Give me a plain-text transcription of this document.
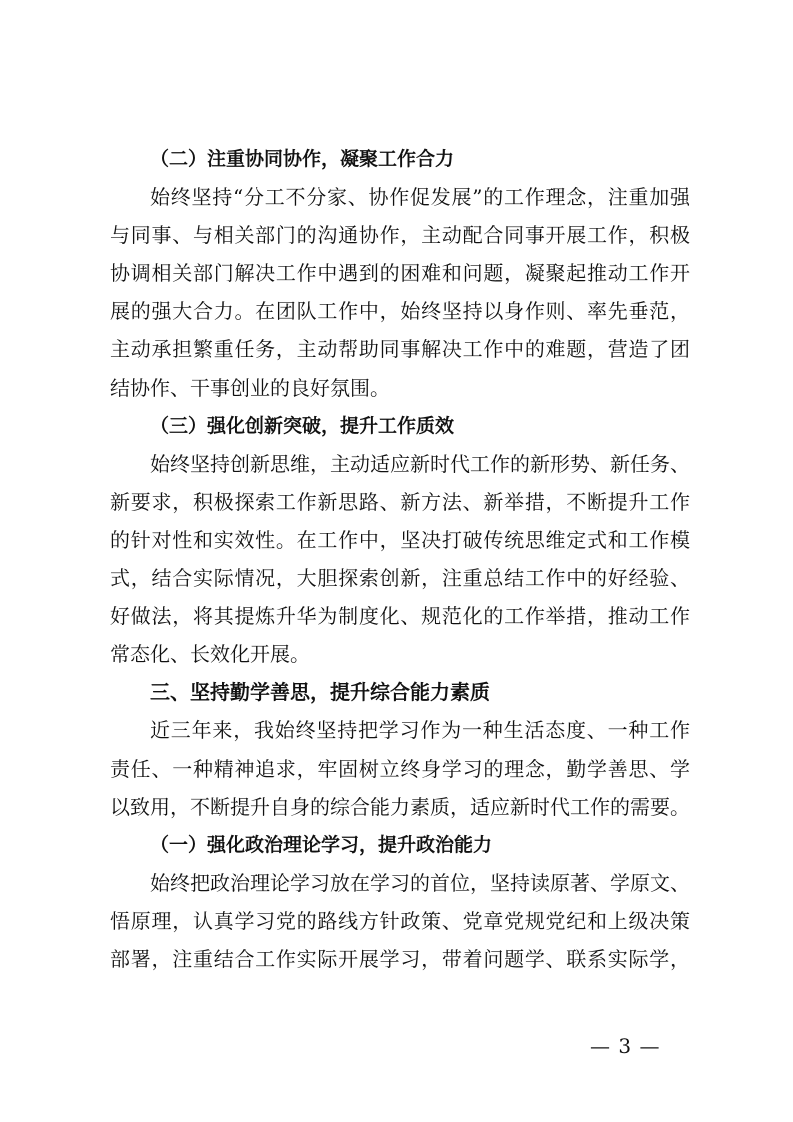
（二）注重协同协作，凝聚工作合力
始终坚持“分工不分家、协作促发展”的工作理念，注重加强
与同事、与相关部门的沟通协作，主动配合同事开展工作，积极
协调相关部门解决工作中遇到的困难和问题，凝聚起推动工作开
展的强大合力。在团队工作中，始终坚持以身作则、率先垂范，
主动承担繁重任务，主动帮助同事解决工作中的难题，营造了团
结协作、干事创业的良好氛围。
（三）强化创新突破，提升工作质效
始终坚持创新思维，主动适应新时代工作的新形势、新任务、
新要求，积极探索工作新思路、新方法、新举措，不断提升工作
的针对性和实效性。在工作中，坚决打破传统思维定式和工作模
式，结合实际情况，大胆探索创新，注重总结工作中的好经验、
好做法，将其提炼升华为制度化、规范化的工作举措，推动工作
常态化、长效化开展。
三、坚持勤学善思，提升综合能力素质
近三年来，我始终坚持把学习作为一种生活态度、一种工作
责任、一种精神追求，牢固树立终身学习的理念，勤学善思、学
以致用，不断提升自身的综合能力素质，适应新时代工作的需要。
（一）强化政治理论学习，提升政治能力
始终把政治理论学习放在学习的首位，坚持读原著、学原文、
悟原理，认真学习党的路线方针政策、党章党规党纪和上级决策
部署，注重结合工作实际开展学习，带着问题学、联系实际学，
— 3 —
